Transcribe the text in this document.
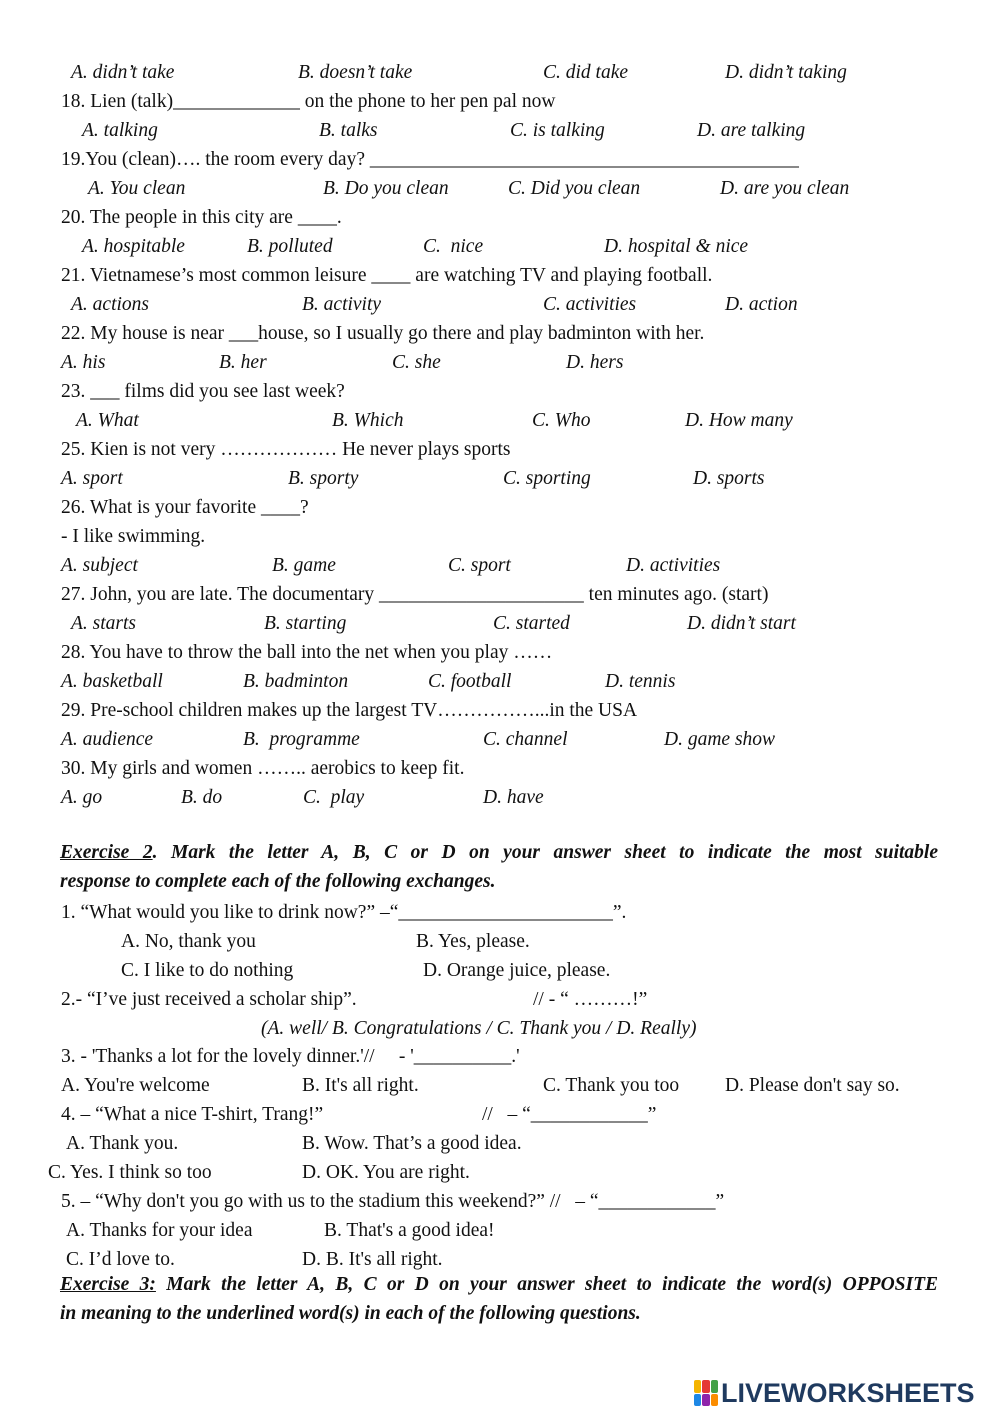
A. didn’t take	B. doesn’t take	C. did take	D. didn’t taking
18. Lien (talk)_____________ on the phone to her pen pal now
A. talking	B. talks	C. is talking	D. are talking
19.You (clean)…. the room every day? ____________________________________________
A. You clean	B. Do you clean	C. Did you clean	D. are you clean
20. The people in this city are ____.
A. hospitable	B. polluted	C.  nice	D. hospital & nice
21. Vietnamese’s most common leisure ____ are watching TV and playing football.
A. actions	B. activity	C. activities	D. action
22. My house is near ___house, so I usually go there and play badminton with her.
A. his	B. her	C. she	D. hers
23. ___ films did you see last week?
A. What	B. Which	C. Who	D. How many
25. Kien is not very ……………… He never plays sports
A. sport	B. sporty	C. sporting	D. sports
26. What is your favorite ____?
- I like swimming.
A. subject	B. game	C. sport	D. activities
27. John, you are late. The documentary _____________________ ten minutes ago. (start)
A. starts	B. starting	C. started	D. didn’t start
28. You have to throw the ball into the net when you play ……
A. basketball	B. badminton	C. football	D. tennis
29. Pre-school children makes up the largest TV……………...in the USA
A. audience	B.  programme	C. channel	D. game show
30. My girls and women …….. aerobics to keep fit.
A. go	B. do	C.  play	D. have
1. “What would you like to drink now?” –“______________________”.
A. No, thank you	B. Yes, please.
C. I like to do nothing	D. Orange juice, please.
2.- “I’ve just received a scholar ship”.	// - “ ………!”
(A. well/ B. Congratulations / C. Thank you / D. Really)
3. - 'Thanks a lot for the lovely dinner.'//     - '__________.'
A. You're welcome	B. It's all right.	C. Thank you too D. Please don't say so.
4. – “What a nice T-shirt, Trang!”	//   – “____________”
A. Thank you.	B. Wow. That’s a good idea.
C. Yes. I think so too	D. OK. You are right.
5. – “Why don't you go with us to the stadium this weekend?” //   – “____________”
A. Thanks for your idea	B. That's a good idea!
C. I’d love to.	D. B. It's all right.
Exercise 2. Mark the letter A, B, C or D on your answer sheet to indicate the most suitable
response to complete each of the following exchanges.
Exercise 3: Mark the letter A, B, C or D on your answer sheet to indicate the word(s) OPPOSITE
in meaning to the underlined word(s) in each of the following questions.
LIVEWORKSHEETS
